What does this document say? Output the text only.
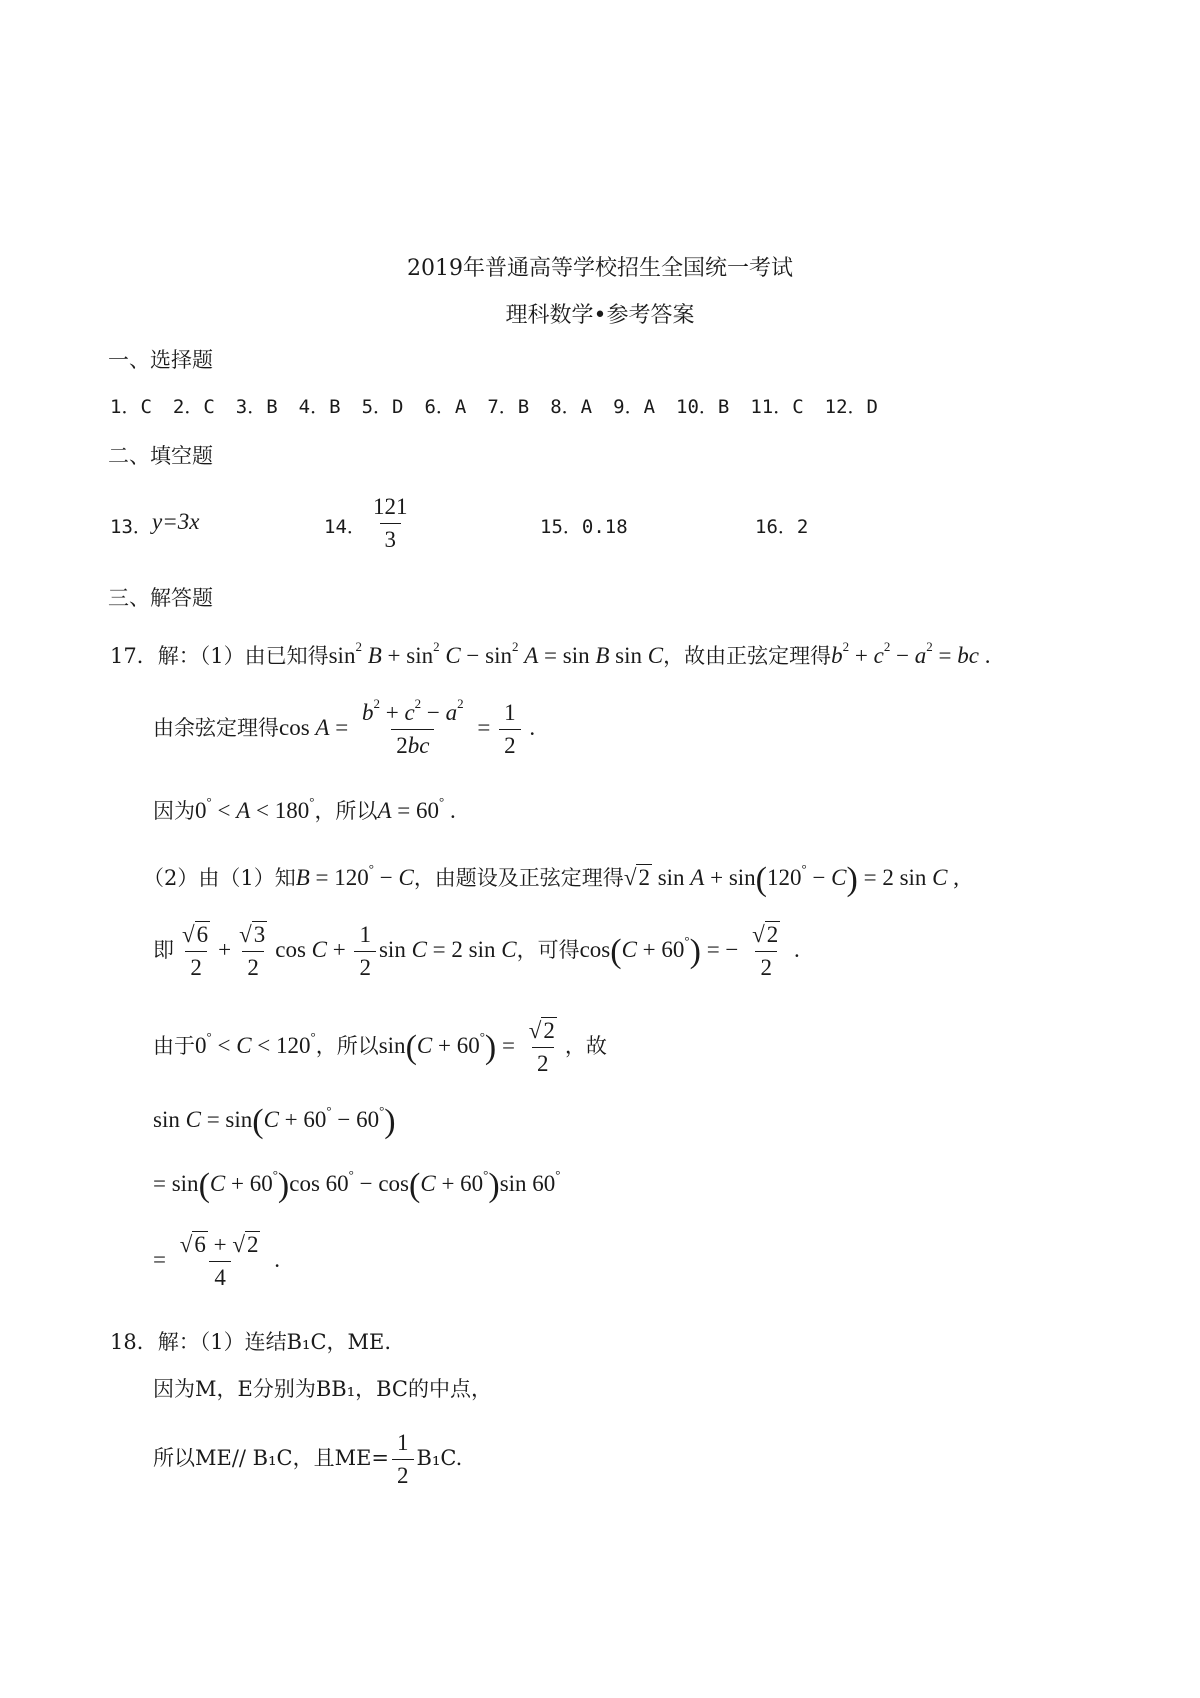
2019年普通高等学校招生全国统一考试
理科数学•参考答案
一、选择题
1．C 2．C 3．B 4．B 5．D 6．A 7．B 8．A 9．A 10．B 11．C 12．D
二、填空题
13． y=3x	14． $\frac{121}{3}$	15．0.18	16．2
三、解答题
17．解：（1）由已知得$\sin^2 B + \sin^2 C - \sin^2 A = \sin B$ sin C，故由正弦定理得$b^2 + c^2 - a^2$ = bc .
由余弦定理得$\cos A = \frac{b^2 + c^2 - a^2}{2bc} = \frac{1}{2}$ .
因为0° < A < 180°，所以A = 60° .
（2）由（1）知B = 120° − C，由题设及正弦定理得√2 sin A + sin(120° − C) = 2 sin C ,
即 $\frac{√6}{2} + \frac{√3}{2}$ $\cos C + \frac{1}{2}$ sin C = 2 sin C，可得cos(C + 60°) = − $\frac{√2}{2}$ .
由于0° < C < 120°，所以$\sin(C + 60^\circ) = \frac{√2}{2}$ ，故
sin C = sin(C + 60° − 60°)
= sin(C + 60°)cos 60° − cos(C + 60°)sin 60°
= $\frac{√6 + √2}{4}$ .
18．解：（1）连结B₁C，ME.
因为M，E分别为BB₁，BC的中点，
所以ME// B₁C，且$ME= \frac{1}{2} B_1C$.
